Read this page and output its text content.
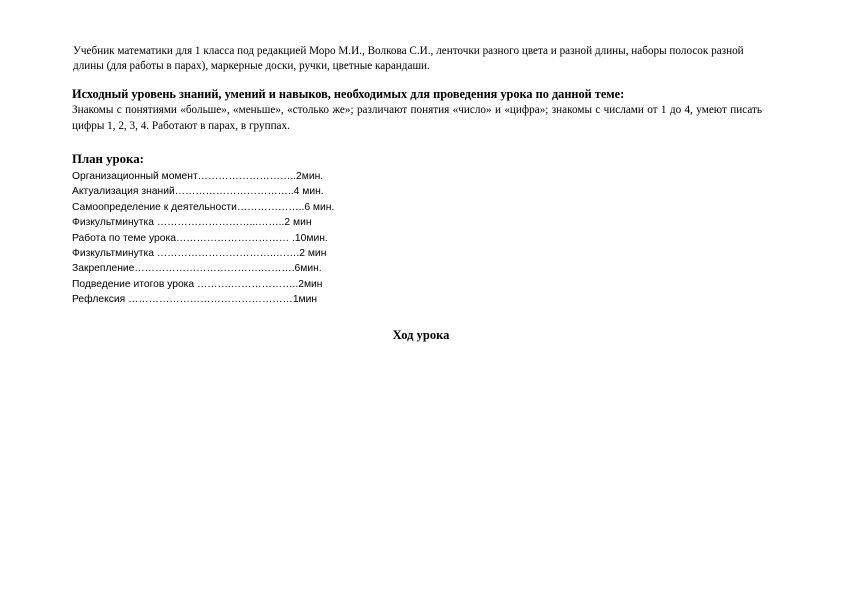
Учебник математики для 1 класса под редакцией Моро М.И., Волкова С.И., ленточки разного цвета и разной длины, наборы полосок разной длины (для работы в парах), маркерные доски, ручки, цветные карандаши.

Исходный уровень знаний, умений и навыков, необходимых для проведения урока по данной теме:

Знакомы с понятиями «больше», «меньше», «столько же»; различают понятия «число» и «цифра»; знакомы с числами от 1 до 4, умеют писать цифры 1, 2, 3, 4. Работают в парах, в группах.

План урока:

Организационный момент………………………..2мин.
Актуализация знаний……………………………..4 мин.
Самоопределение к деятельности………………..6 мин.
Физкультминутка ………………………...……..2 мин
Работа по теме урока…………………………… .10мин.
Физкультминутка ……………………………..…….2 мин
Закрепление……………………………….……….6мин.
Подведение итогов урока ……….………………..2мин
Рефлексия …………………………………………1мин

Ход урока
